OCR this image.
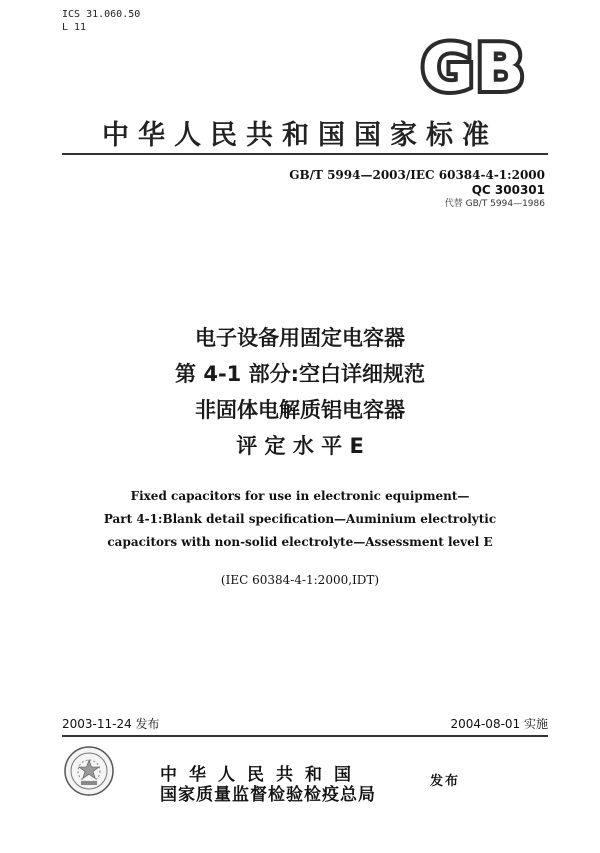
ICS 31.060.50
L 11
GB
中华人民共和国国家标准
GB/T 5994—2003/IEC 60384-4-1:2000
QC 300301
代替 GB/T 5994—1986
电子设备用固定电容器
第 4-1 部分:空白详细规范
非固体电解质铝电容器
评 定 水 平 E
Fixed capacitors for use in electronic equipment—
Part 4-1:Blank detail specification—Auminium electrolytic
capacitors with non-solid electrolyte—Assessment level E
(IEC 60384-4-1:2000,IDT)
2003-11-24 发布	2004-08-01 实施
中华人民共和国
国家质量监督检验检疫总局
发布
